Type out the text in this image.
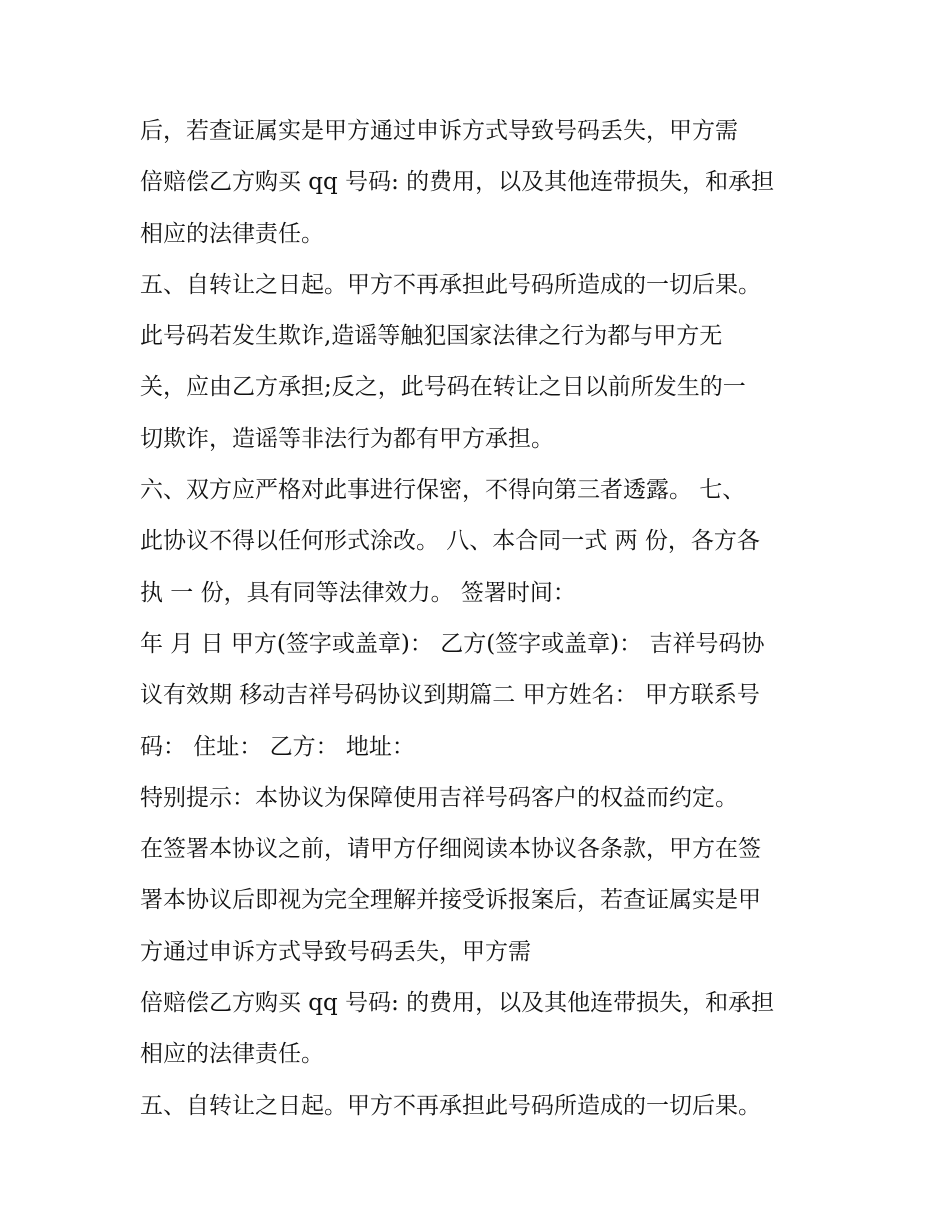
后，若查证属实是甲方通过申诉方式导致号码丢失，甲方需
倍赔偿乙方购买 qq 号码: 的费用，以及其他连带损失，和承担
相应的法律责任。
五、自转让之日起。甲方不再承担此号码所造成的一切后果。
此号码若发生欺诈,造谣等触犯国家法律之行为都与甲方无
关，应由乙方承担;反之，此号码在转让之日以前所发生的一
切欺诈，造谣等非法行为都有甲方承担。
六、双方应严格对此事进行保密，不得向第三者透露。 七、
此协议不得以任何形式涂改。 八、本合同一式 两 份，各方各
执 一 份，具有同等法律效力。 签署时间：
年 月 日 甲方(签字或盖章)： 乙方(签字或盖章)： 吉祥号码协
议有效期 移动吉祥号码协议到期篇二 甲方姓名： 甲方联系号
码： 住址： 乙方： 地址：
特别提示：本协议为保障使用吉祥号码客户的权益而约定。
在签署本协议之前，请甲方仔细阅读本协议各条款，甲方在签
署本协议后即视为完全理解并接受诉报案后，若查证属实是甲
方通过申诉方式导致号码丢失，甲方需
倍赔偿乙方购买 qq 号码: 的费用，以及其他连带损失，和承担
相应的法律责任。
五、自转让之日起。甲方不再承担此号码所造成的一切后果。
